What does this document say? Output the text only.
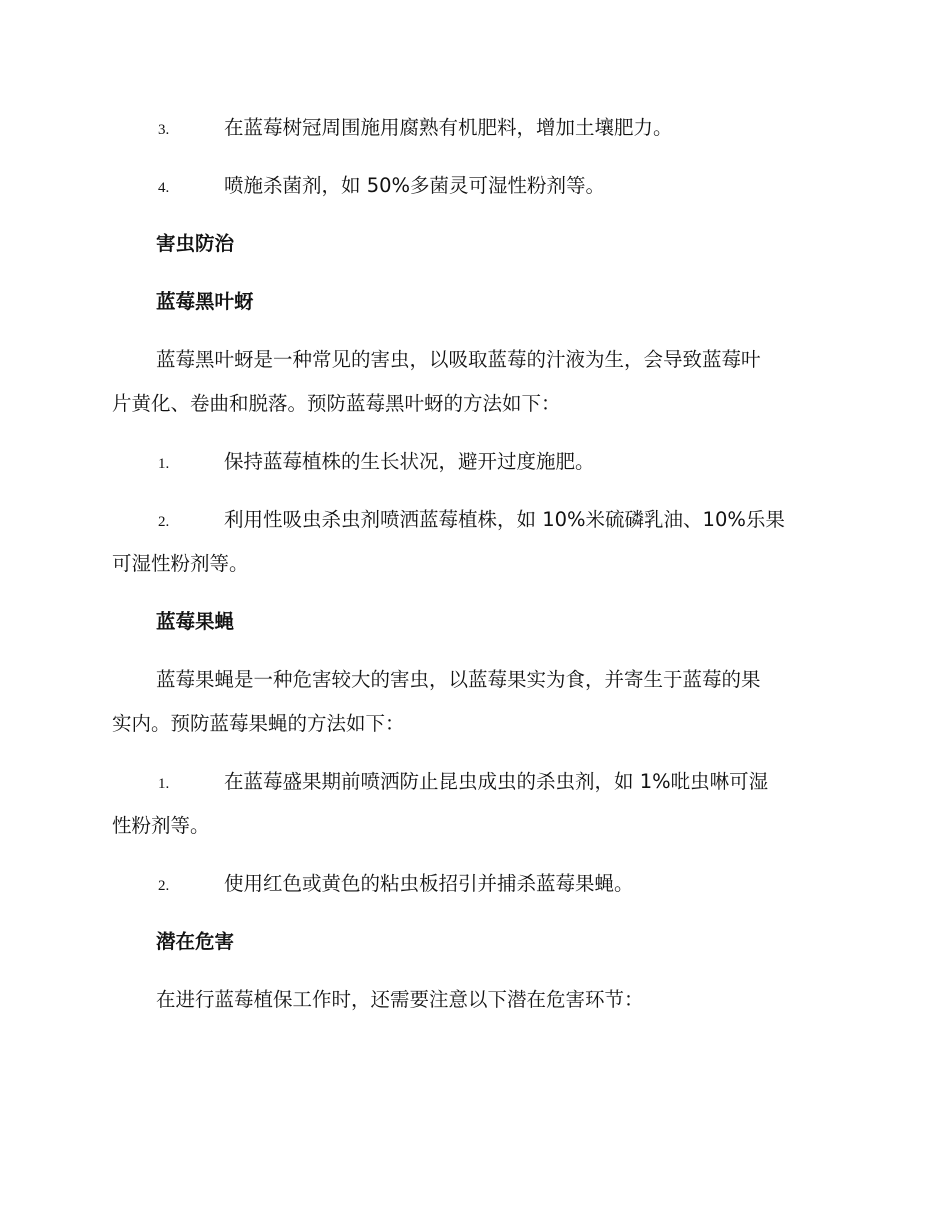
3.	在蓝莓树冠周围施用腐熟有机肥料，增加土壤肥力。
4.	喷施杀菌剂，如 50%多菌灵可湿性粉剂等。
害虫防治
蓝莓黑叶蚜
蓝莓黑叶蚜是一种常见的害虫，以吸取蓝莓的汁液为生，会导致蓝莓叶
片黄化、卷曲和脱落。预防蓝莓黑叶蚜的方法如下：
1.	保持蓝莓植株的生长状况，避开过度施肥。
2.	利用性吸虫杀虫剂喷洒蓝莓植株，如 10%米硫磷乳油、10%乐果
可湿性粉剂等。
蓝莓果蝇
蓝莓果蝇是一种危害较大的害虫，以蓝莓果实为食，并寄生于蓝莓的果
实内。预防蓝莓果蝇的方法如下：
1.	在蓝莓盛果期前喷洒防止昆虫成虫的杀虫剂，如 1%吡虫啉可湿
性粉剂等。
2.	使用红色或黄色的粘虫板招引并捕杀蓝莓果蝇。
潜在危害
在进行蓝莓植保工作时，还需要注意以下潜在危害环节：
